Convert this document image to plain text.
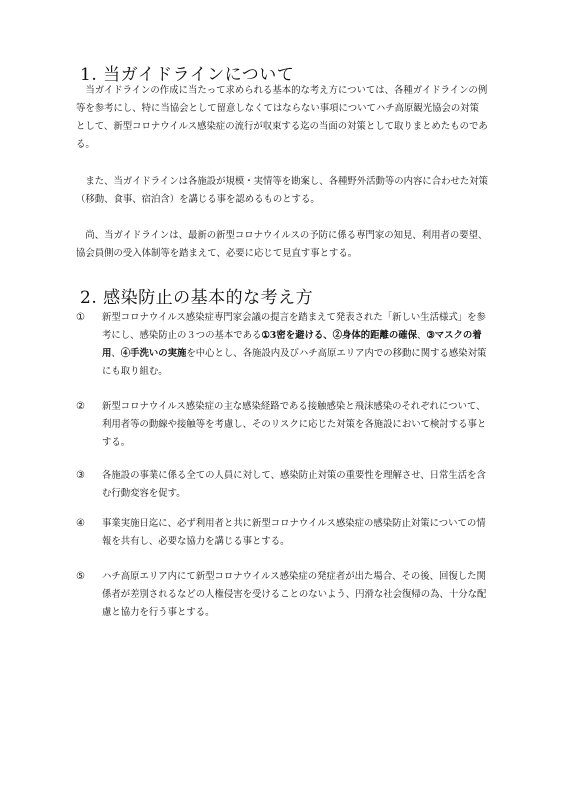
1. 当ガイドラインについて

　当ガイドラインの作成に当たって求められる基本的な考え方については、各種ガイドラインの例等を参考にし、特に当協会として留意しなくてはならない事項についてハチ高原観光協会の対策として、新型コロナウイルス感染症の流行が収束する迄の当面の対策として取りまとめたものである。

　また、当ガイドラインは各施設が規模・実情等を勘案し、各種野外活動等の内容に合わせた対策（移動、食事、宿泊含）を講じる事を認めるものとする。

　尚、当ガイドラインは、最新の新型コロナウイルスの予防に係る専門家の知見、利用者の要望、協会員側の受入体制等を踏まえて、必要に応じて見直す事とする。

2. 感染防止の基本的な考え方
①	新型コロナウイルス感染症専門家会議の提言を踏まえて発表された「新しい生活様式」を参考にし、感染防止の３つの基本である①3密を避ける、②身体的距離の確保、③マスクの着用、④手洗いの実施を中心とし、各施設内及びハチ高原エリア内での移動に関する感染対策にも取り組む。
②	新型コロナウイルス感染症の主な感染経路である接触感染と飛沫感染のそれぞれについて、利用者等の動線や接触等を考慮し、そのリスクに応じた対策を各施設において検討する事とする。
③	各施設の事業に係る全ての人員に対して、感染防止対策の重要性を理解させ、日常生活を含む行動変容を促す。
④	事業実施日迄に、必ず利用者と共に新型コロナウイルス感染症の感染防止対策についての情報を共有し、必要な協力を講じる事とする。
⑤	ハチ高原エリア内にて新型コロナウイルス感染症の発症者が出た場合、その後、回復した関係者が差別されるなどの人権侵害を受けることのないよう、円滑な社会復帰の為、十分な配慮と協力を行う事とする。
